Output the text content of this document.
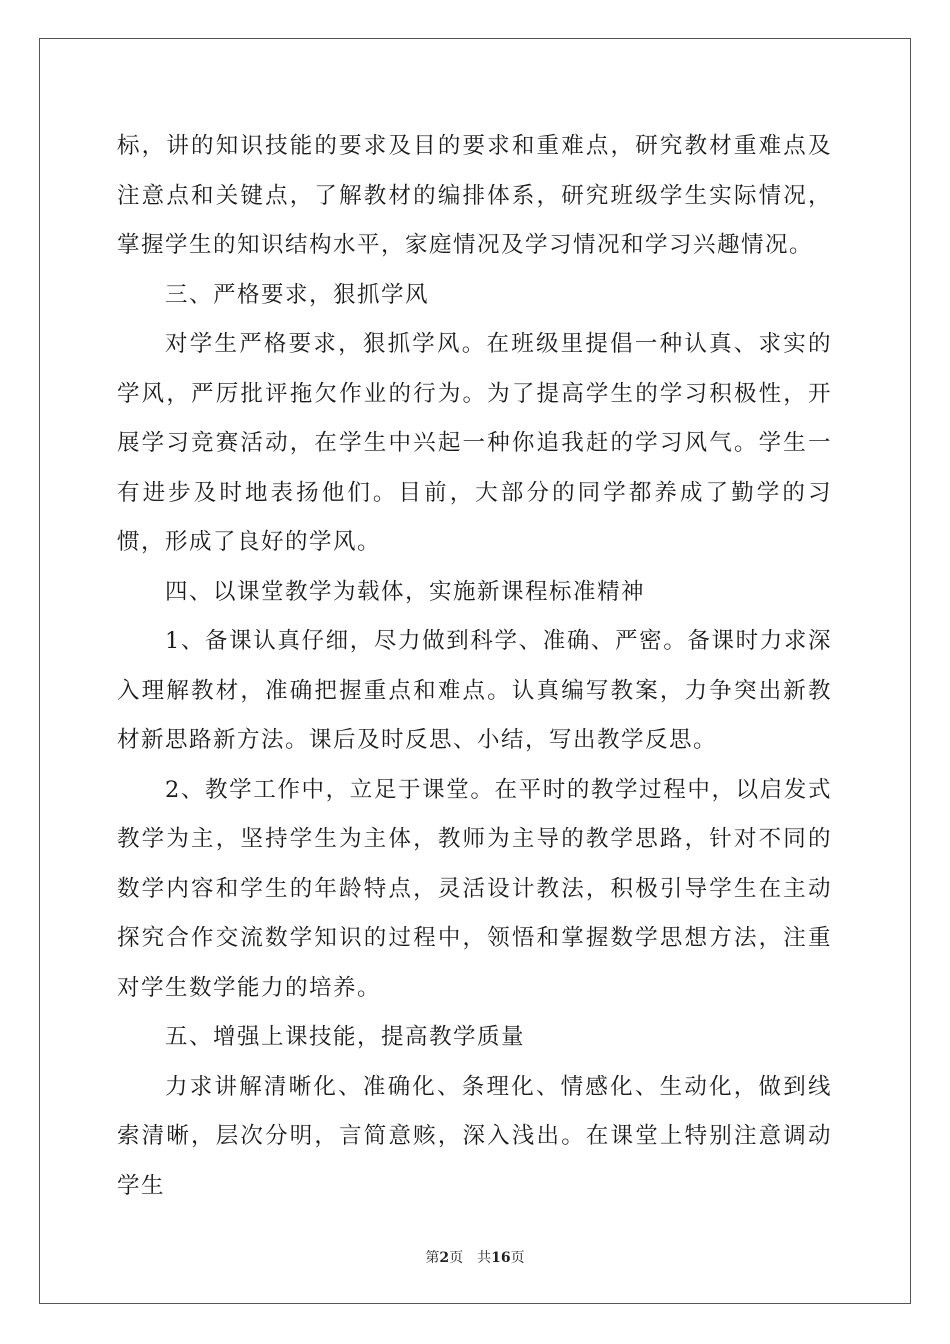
标，讲的知识技能的要求及目的要求和重难点，研究教材重难点及注意点和关键点，了解教材的编排体系，研究班级学生实际情况，掌握学生的知识结构水平，家庭情况及学习情况和学习兴趣情况。

三、严格要求，狠抓学风

对学生严格要求，狠抓学风。在班级里提倡一种认真、求实的学风，严厉批评拖欠作业的行为。为了提高学生的学习积极性，开展学习竞赛活动，在学生中兴起一种你追我赶的学习风气。学生一有进步及时地表扬他们。目前，大部分的同学都养成了勤学的习惯，形成了良好的学风。

四、以课堂教学为载体，实施新课程标准精神

1、备课认真仔细，尽力做到科学、准确、严密。备课时力求深入理解教材，准确把握重点和难点。认真编写教案，力争突出新教材新思路新方法。课后及时反思、小结，写出教学反思。

2、教学工作中，立足于课堂。在平时的教学过程中，以启发式教学为主，坚持学生为主体，教师为主导的教学思路，针对不同的数学内容和学生的年龄特点，灵活设计教法，积极引导学生在主动探究合作交流数学知识的过程中，领悟和掌握数学思想方法，注重对学生数学能力的培养。

五、增强上课技能，提高教学质量

力求讲解清晰化、准确化、条理化、情感化、生动化，做到线索清晰，层次分明，言简意赅，深入浅出。在课堂上特别注意调动学生

第2页 共16页
